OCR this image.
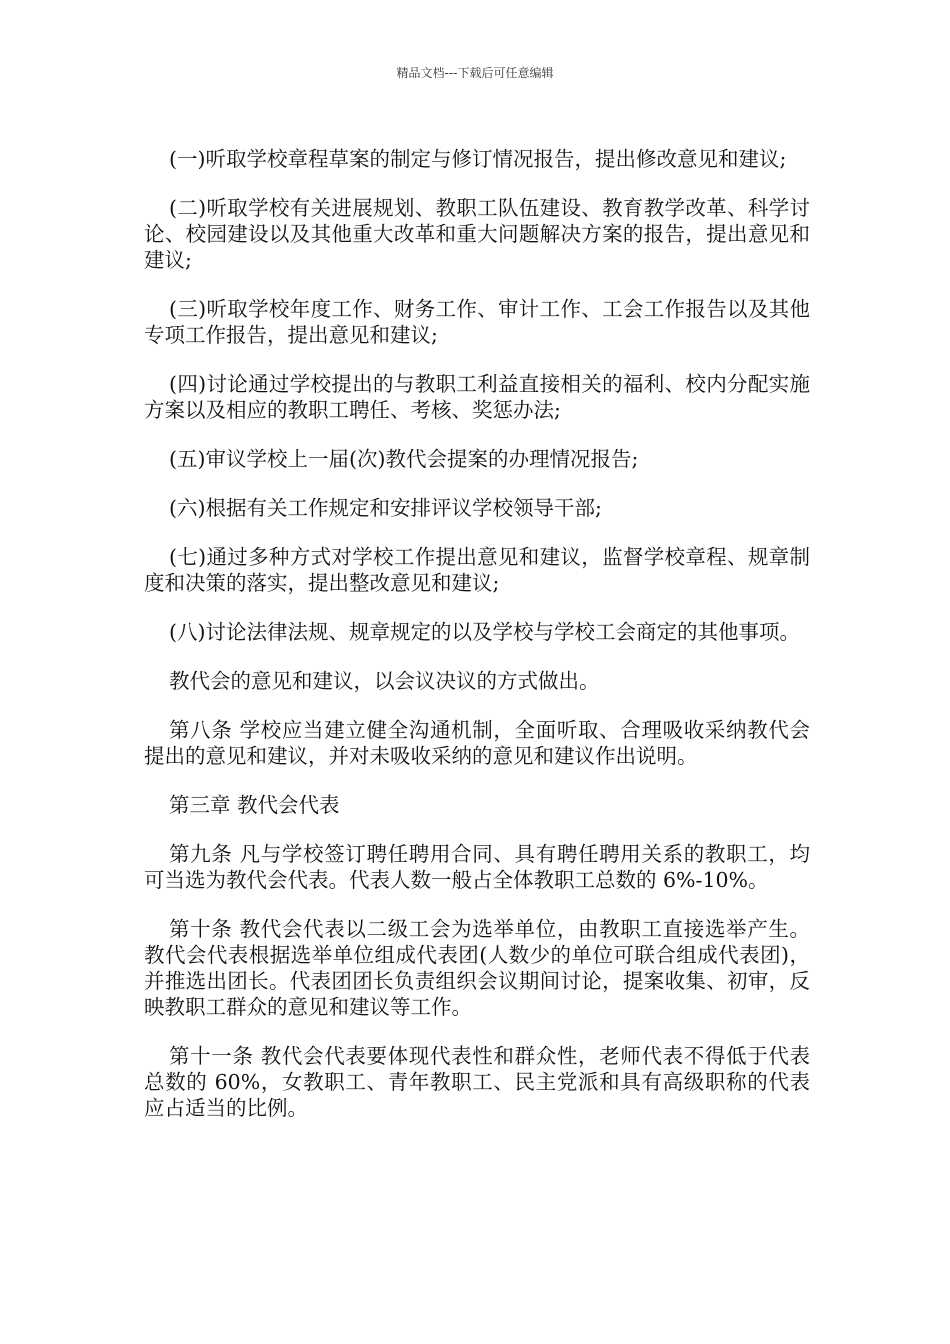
精品文档---下载后可任意编辑

(一)听取学校章程草案的制定与修订情况报告，提出修改意见和建议;

(二)听取学校有关进展规划、教职工队伍建设、教育教学改革、科学讨论、校园建设以及其他重大改革和重大问题解决方案的报告，提出意见和建议;

(三)听取学校年度工作、财务工作、审计工作、工会工作报告以及其他专项工作报告，提出意见和建议;

(四)讨论通过学校提出的与教职工利益直接相关的福利、校内分配实施方案以及相应的教职工聘任、考核、奖惩办法;

(五)审议学校上一届(次)教代会提案的办理情况报告;

(六)根据有关工作规定和安排评议学校领导干部;

(七)通过多种方式对学校工作提出意见和建议，监督学校章程、规章制度和决策的落实，提出整改意见和建议;

(八)讨论法律法规、规章规定的以及学校与学校工会商定的其他事项。

教代会的意见和建议，以会议决议的方式做出。

第八条 学校应当建立健全沟通机制，全面听取、合理吸收采纳教代会提出的意见和建议，并对未吸收采纳的意见和建议作出说明。

第三章 教代会代表

第九条 凡与学校签订聘任聘用合同、具有聘任聘用关系的教职工，均可当选为教代会代表。代表人数一般占全体教职工总数的 6%-10%。

第十条 教代会代表以二级工会为选举单位，由教职工直接选举产生。教代会代表根据选举单位组成代表团(人数少的单位可联合组成代表团)，并推选出团长。代表团团长负责组织会议期间讨论，提案收集、初审，反映教职工群众的意见和建议等工作。

第十一条 教代会代表要体现代表性和群众性，老师代表不得低于代表总数的 60%，女教职工、青年教职工、民主党派和具有高级职称的代表应占适当的比例。
